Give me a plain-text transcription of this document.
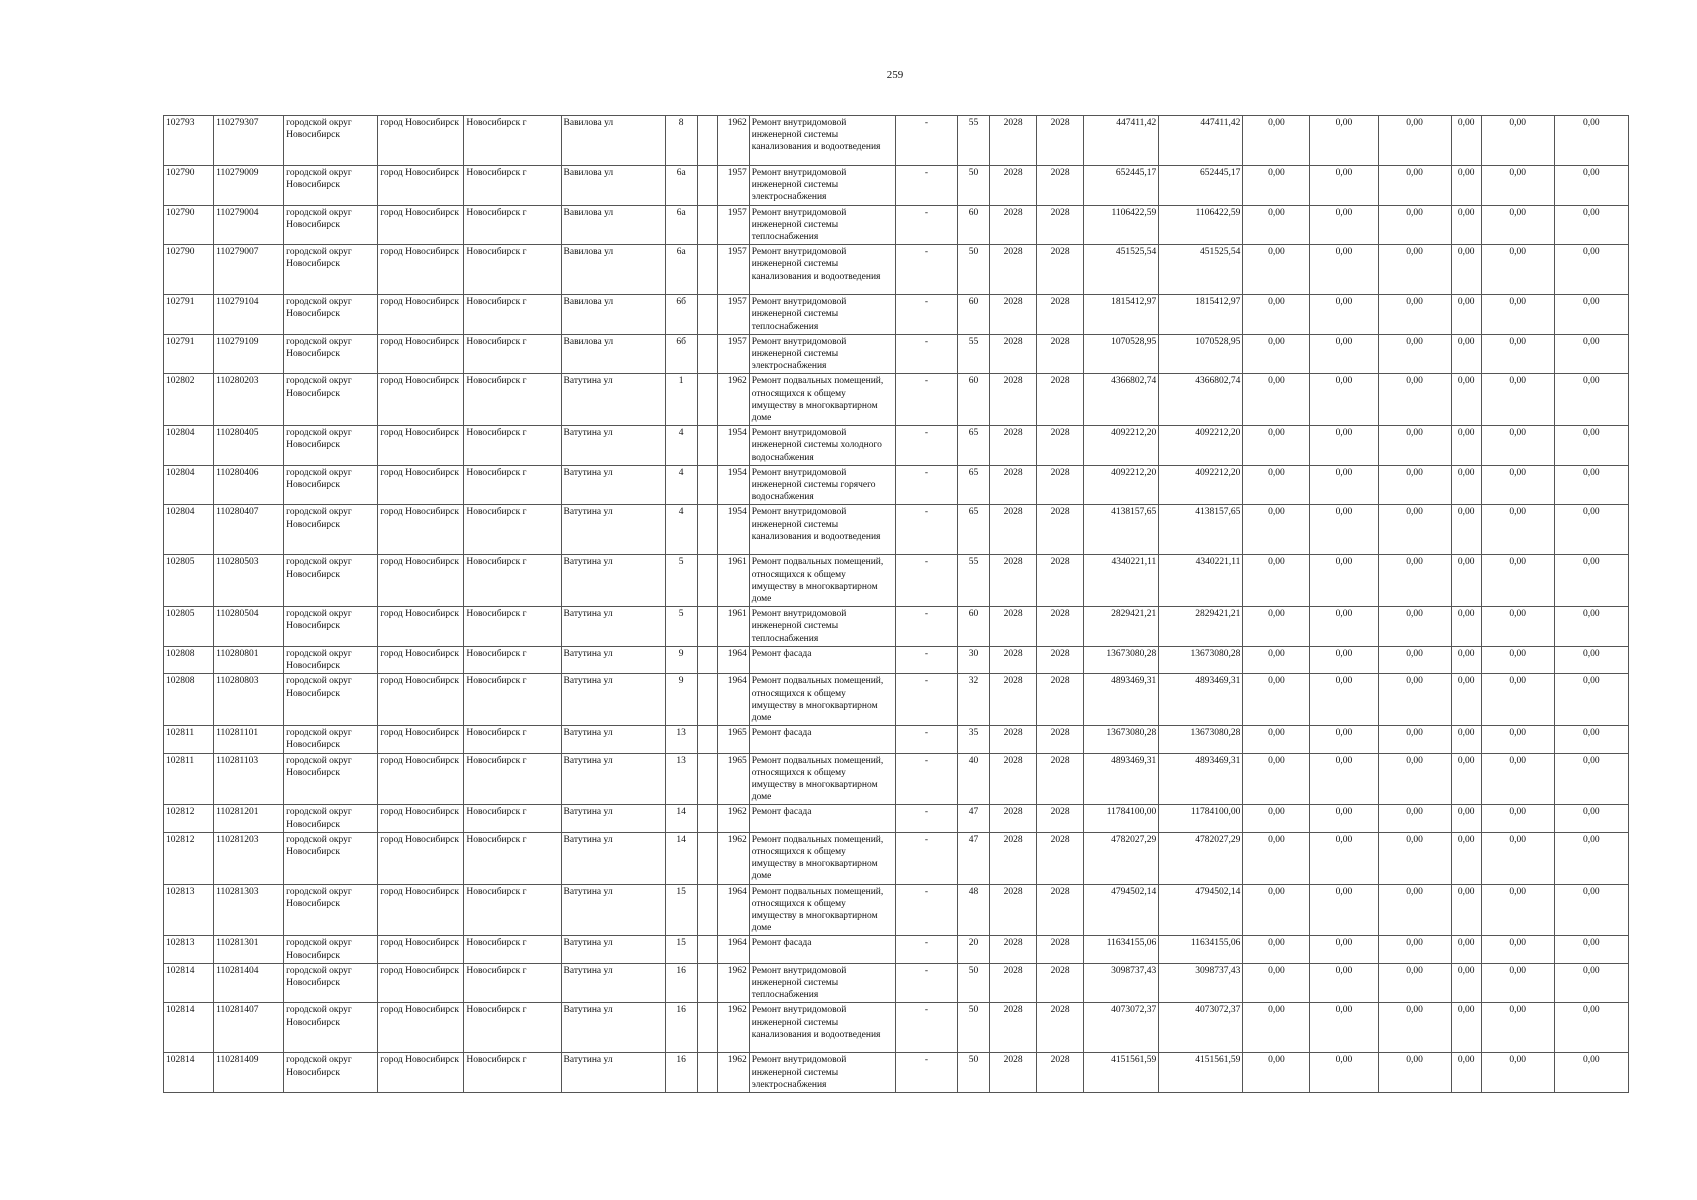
259
102793	110279307	городской округ Новосибирск	город Новосибирск	Новосибирск г	Вавилова ул	8		1962	Ремонт внутридомовой инженерной системы канализования и водоотведения	-	55	2028	2028	447411,42	447411,42	0,00	0,00	0,00	0,00	0,00	0,00
102790	110279009	городской округ Новосибирск	город Новосибирск	Новосибирск г	Вавилова ул	6а		1957	Ремонт внутридомовой инженерной системы электроснабжения	-	50	2028	2028	652445,17	652445,17	0,00	0,00	0,00	0,00	0,00	0,00
102790	110279004	городской округ Новосибирск	город Новосибирск	Новосибирск г	Вавилова ул	6а		1957	Ремонт внутридомовой инженерной системы теплоснабжения	-	60	2028	2028	1106422,59	1106422,59	0,00	0,00	0,00	0,00	0,00	0,00
102790	110279007	городской округ Новосибирск	город Новосибирск	Новосибирск г	Вавилова ул	6а		1957	Ремонт внутридомовой инженерной системы канализования и водоотведения	-	50	2028	2028	451525,54	451525,54	0,00	0,00	0,00	0,00	0,00	0,00
102791	110279104	городской округ Новосибирск	город Новосибирск	Новосибирск г	Вавилова ул	6б		1957	Ремонт внутридомовой инженерной системы теплоснабжения	-	60	2028	2028	1815412,97	1815412,97	0,00	0,00	0,00	0,00	0,00	0,00
102791	110279109	городской округ Новосибирск	город Новосибирск	Новосибирск г	Вавилова ул	6б		1957	Ремонт внутридомовой инженерной системы электроснабжения	-	55	2028	2028	1070528,95	1070528,95	0,00	0,00	0,00	0,00	0,00	0,00
102802	110280203	городской округ Новосибирск	город Новосибирск	Новосибирск г	Ватутина ул	1		1962	Ремонт подвальных помещений, относящихся к общему имуществу в многоквартирном доме	-	60	2028	2028	4366802,74	4366802,74	0,00	0,00	0,00	0,00	0,00	0,00
102804	110280405	городской округ Новосибирск	город Новосибирск	Новосибирск г	Ватутина ул	4		1954	Ремонт внутридомовой инженерной системы холодного водоснабжения	-	65	2028	2028	4092212,20	4092212,20	0,00	0,00	0,00	0,00	0,00	0,00
102804	110280406	городской округ Новосибирск	город Новосибирск	Новосибирск г	Ватутина ул	4		1954	Ремонт внутридомовой инженерной системы горячего водоснабжения	-	65	2028	2028	4092212,20	4092212,20	0,00	0,00	0,00	0,00	0,00	0,00
102804	110280407	городской округ Новосибирск	город Новосибирск	Новосибирск г	Ватутина ул	4		1954	Ремонт внутридомовой инженерной системы канализования и водоотведения	-	65	2028	2028	4138157,65	4138157,65	0,00	0,00	0,00	0,00	0,00	0,00
102805	110280503	городской округ Новосибирск	город Новосибирск	Новосибирск г	Ватутина ул	5		1961	Ремонт подвальных помещений, относящихся к общему имуществу в многоквартирном доме	-	55	2028	2028	4340221,11	4340221,11	0,00	0,00	0,00	0,00	0,00	0,00
102805	110280504	городской округ Новосибирск	город Новосибирск	Новосибирск г	Ватутина ул	5		1961	Ремонт внутридомовой инженерной системы теплоснабжения	-	60	2028	2028	2829421,21	2829421,21	0,00	0,00	0,00	0,00	0,00	0,00
102808	110280801	городской округ Новосибирск	город Новосибирск	Новосибирск г	Ватутина ул	9		1964	Ремонт фасада	-	30	2028	2028	13673080,28	13673080,28	0,00	0,00	0,00	0,00	0,00	0,00
102808	110280803	городской округ Новосибирск	город Новосибирск	Новосибирск г	Ватутина ул	9		1964	Ремонт подвальных помещений, относящихся к общему имуществу в многоквартирном доме	-	32	2028	2028	4893469,31	4893469,31	0,00	0,00	0,00	0,00	0,00	0,00
102811	110281101	городской округ Новосибирск	город Новосибирск	Новосибирск г	Ватутина ул	13		1965	Ремонт фасада	-	35	2028	2028	13673080,28	13673080,28	0,00	0,00	0,00	0,00	0,00	0,00
102811	110281103	городской округ Новосибирск	город Новосибирск	Новосибирск г	Ватутина ул	13		1965	Ремонт подвальных помещений, относящихся к общему имуществу в многоквартирном доме	-	40	2028	2028	4893469,31	4893469,31	0,00	0,00	0,00	0,00	0,00	0,00
102812	110281201	городской округ Новосибирск	город Новосибирск	Новосибирск г	Ватутина ул	14		1962	Ремонт фасада	-	47	2028	2028	11784100,00	11784100,00	0,00	0,00	0,00	0,00	0,00	0,00
102812	110281203	городской округ Новосибирск	город Новосибирск	Новосибирск г	Ватутина ул	14		1962	Ремонт подвальных помещений, относящихся к общему имуществу в многоквартирном доме	-	47	2028	2028	4782027,29	4782027,29	0,00	0,00	0,00	0,00	0,00	0,00
102813	110281303	городской округ Новосибирск	город Новосибирск	Новосибирск г	Ватутина ул	15		1964	Ремонт подвальных помещений, относящихся к общему имуществу в многоквартирном доме	-	48	2028	2028	4794502,14	4794502,14	0,00	0,00	0,00	0,00	0,00	0,00
102813	110281301	городской округ Новосибирск	город Новосибирск	Новосибирск г	Ватутина ул	15		1964	Ремонт фасада	-	20	2028	2028	11634155,06	11634155,06	0,00	0,00	0,00	0,00	0,00	0,00
102814	110281404	городской округ Новосибирск	город Новосибирск	Новосибирск г	Ватутина ул	16		1962	Ремонт внутридомовой инженерной системы теплоснабжения	-	50	2028	2028	3098737,43	3098737,43	0,00	0,00	0,00	0,00	0,00	0,00
102814	110281407	городской округ Новосибирск	город Новосибирск	Новосибирск г	Ватутина ул	16		1962	Ремонт внутридомовой инженерной системы канализования и водоотведения	-	50	2028	2028	4073072,37	4073072,37	0,00	0,00	0,00	0,00	0,00	0,00
102814	110281409	городской округ Новосибирск	город Новосибирск	Новосибирск г	Ватутина ул	16		1962	Ремонт внутридомовой инженерной системы электроснабжения	-	50	2028	2028	4151561,59	4151561,59	0,00	0,00	0,00	0,00	0,00	0,00
